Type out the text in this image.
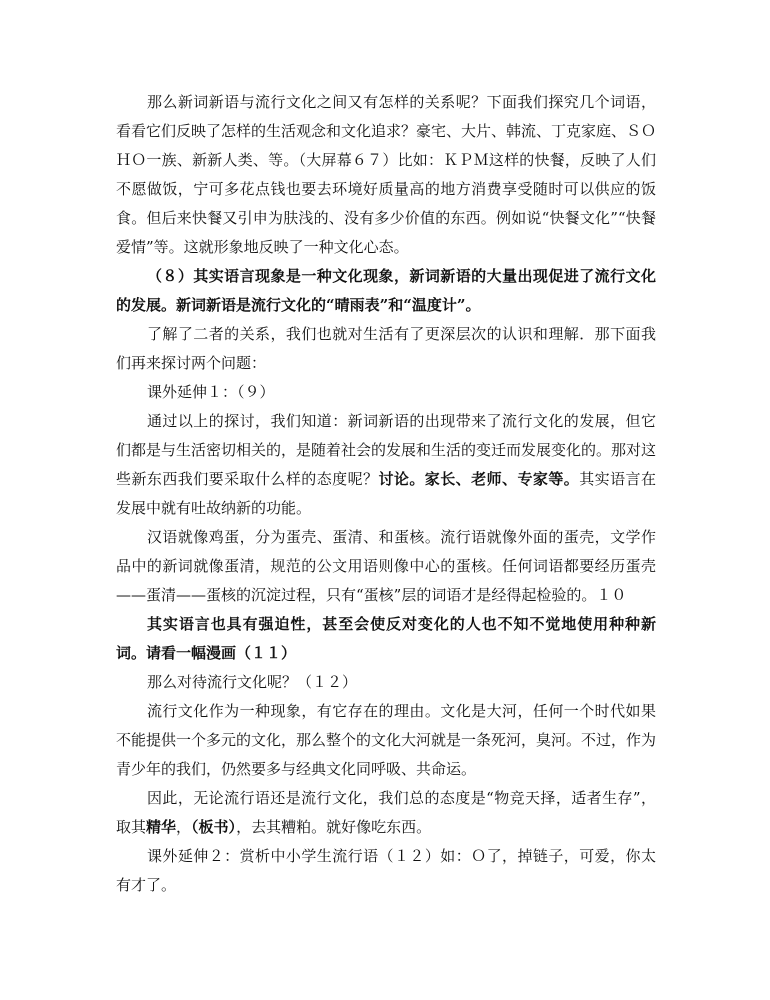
那么新词新语与流行文化之间又有怎样的关系呢？下面我们探究几个词语，看看它们反映了怎样的生活观念和文化追求？豪宅、大片、韩流、丁克家庭、ＳＯＨＯ一族、新新人类、等。（大屏幕６７）比如：ＫＰＭ这样的快餐，反映了人们不愿做饭，宁可多花点钱也要去环境好质量高的地方消费享受随时可以供应的饭食。但后来快餐又引申为肤浅的、没有多少价值的东西。例如说“快餐文化”“快餐爱情”等。这就形象地反映了一种文化心态。

（８）其实语言现象是一种文化现象，新词新语的大量出现促进了流行文化的发展。新词新语是流行文化的“晴雨表”和“温度计”。

了解了二者的关系，我们也就对生活有了更深层次的认识和理解．那下面我们再来探讨两个问题：

课外延伸１：（９）

通过以上的探讨，我们知道：新词新语的出现带来了流行文化的发展，但它们都是与生活密切相关的，是随着社会的发展和生活的变迁而发展变化的。那对这些新东西我们要采取什么样的态度呢？讨论。家长、老师、专家等。其实语言在发展中就有吐故纳新的功能。

汉语就像鸡蛋，分为蛋壳、蛋清、和蛋核。流行语就像外面的蛋壳，文学作品中的新词就像蛋清，规范的公文用语则像中心的蛋核。任何词语都要经历蛋壳——蛋清——蛋核的沉淀过程，只有“蛋核”层的词语才是经得起检验的。１０

其实语言也具有强迫性，甚至会使反对变化的人也不知不觉地使用种种新词。请看一幅漫画（１１）

那么对待流行文化呢？（１２）

流行文化作为一种现象，有它存在的理由。文化是大河，任何一个时代如果不能提供一个多元的文化，那么整个的文化大河就是一条死河，臭河。不过，作为青少年的我们，仍然要多与经典文化同呼吸、共命运。

因此，无论流行语还是流行文化，我们总的态度是“物竞天择，适者生存”，取其精华，（板书），去其糟粕。就好像吃东西。

课外延伸２：赏析中小学生流行语（１２）如：Ｏ了，掉链子，可爱，你太有才了。
